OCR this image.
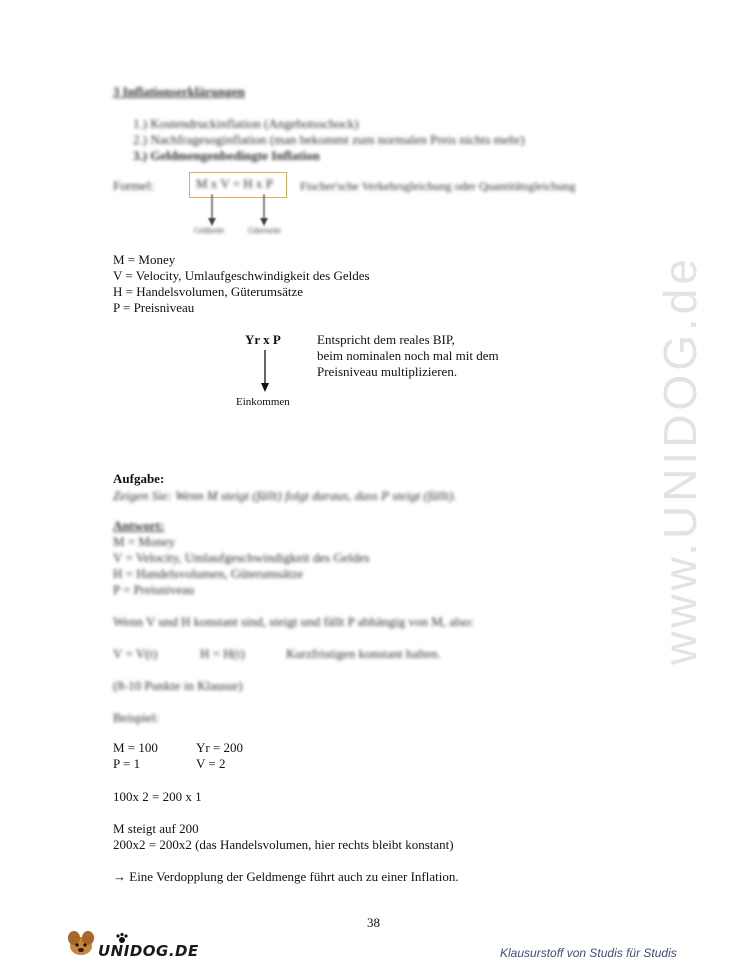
www.UNIDOG.de
3 Inflationserklärungen
1.) Kostendruckinflation (Angebotsschock)
2.) Nachfragesoginflation (man bekommt zum normalen Preis nichts mehr)
3.) Geldmengenbedingte Inflation
Formel:	M x V = H x P	Fischer'sche Verkehrsgleichung oder Quantitätsgleichung
Geldseite	Güterseite
M = Money
V = Velocity, Umlaufgeschwindigkeit des Geldes
H = Handelsvolumen, Güterumsätze
P = Preisniveau
Yr x P	Entspricht dem reales BIP,
beim nominalen noch mal mit dem
Preisniveau multiplizieren.
Einkommen
Aufgabe:
Zeigen Sie: Wenn M steigt (fällt) folgt daraus, dass P steigt (fällt).
Antwort:
M = Money
V = Velocity, Umlaufgeschwindigkeit des Geldes
H = Handelsvolumen, Güterumsätze
P = Preisniveau
Wenn V und H konstant sind, steigt und fällt P abhängig von M, also:
V = V(t)	H = H(t)	Kurzfristigen konstant halten.
(8-10 Punkte in Klausur)
Beispiel:
M = 100	Yr = 200
P = 1	V = 2
100x 2 = 200 x 1
M steigt auf 200
200x2 = 200x2 (das Handelsvolumen, hier rechts bleibt konstant)
→ Eine Verdopplung der Geldmenge führt auch zu einer Inflation.
38
UNIDOG.DE	Klausurstoff von Studis für Studis
